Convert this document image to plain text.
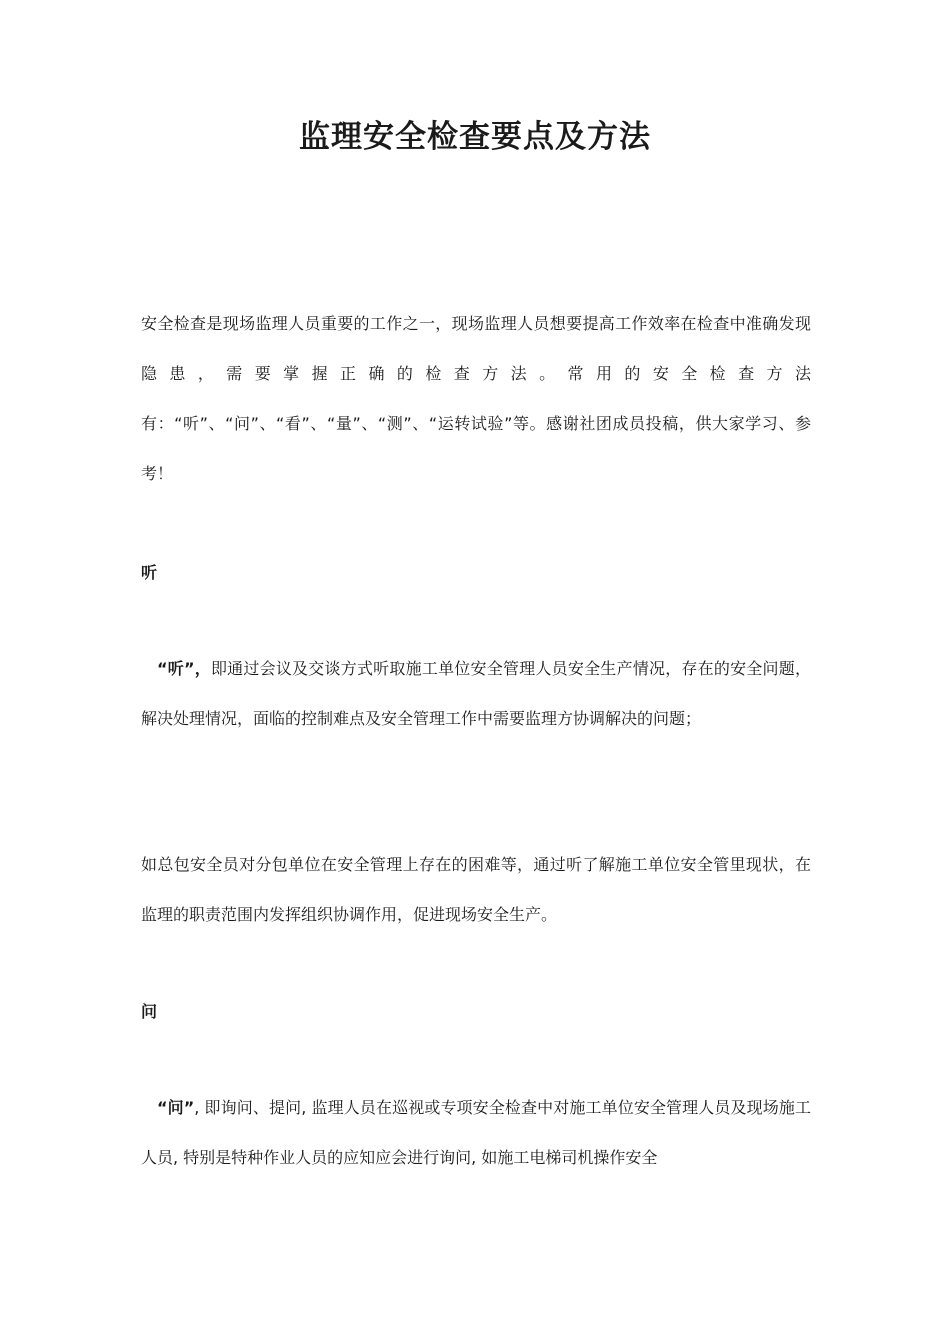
监理安全检查要点及方法

安全检查是现场监理人员重要的工作之一，现场监理人员想要提高工作效率在检查中准确发现隐患，需要掌握正确的检查方法。常用的安全检查方法有：“听”、“问”、“看”、“量”、“测”、“运转试验”等。感谢社团成员投稿，供大家学习、参考！

听

“听”，即通过会议及交谈方式听取施工单位安全管理人员安全生产情况，存在的安全问题，解决处理情况，面临的控制难点及安全管理工作中需要监理方协调解决的问题；

如总包安全员对分包单位在安全管理上存在的困难等，通过听了解施工单位安全管里现状，在监理的职责范围内发挥组织协调作用，促进现场安全生产。

问

“问”, 即询问、提问, 监理人员在巡视或专项安全检查中对施工单位安全管理人员及现场施工人员, 特别是特种作业人员的应知应会进行询问, 如施工电梯司机操作安全
